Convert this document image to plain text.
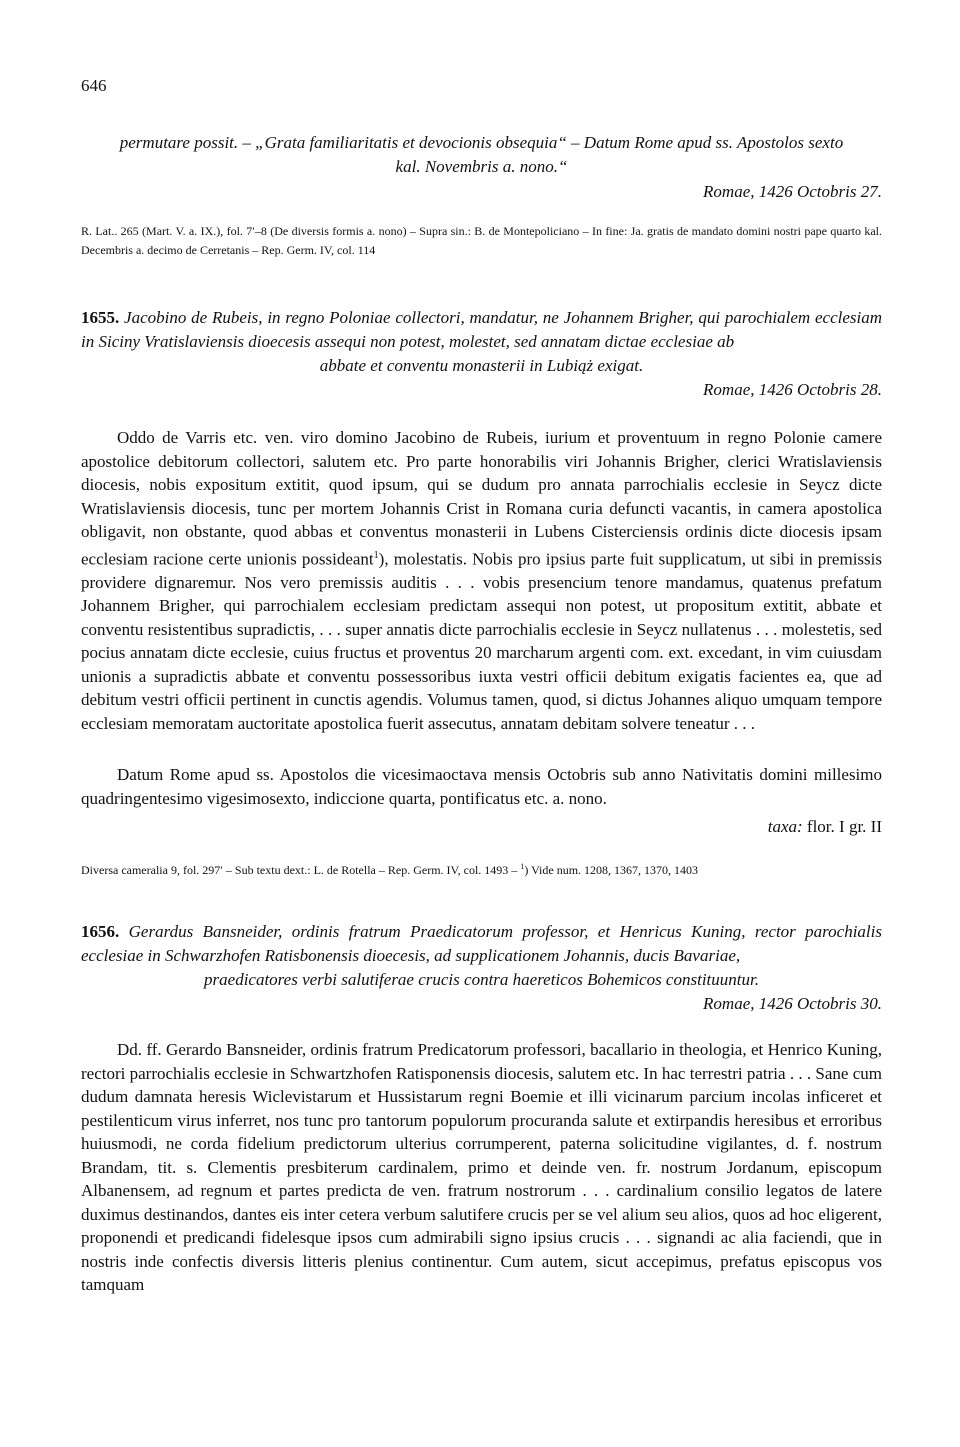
646
permutare possit. – „Grata familiaritatis et devocionis obsequia“ – Datum Rome apud ss. Apostolos sexto
kal. Novembris a. nono.“
Romae, 1426 Octobris 27.
R. Lat.. 265 (Mart. V. a. IX.), fol. 7′–8 (De diversis formis a. nono) – Supra sin.: B. de Montepoliciano – In fine: Ja. gratis de mandato domini nostri pape quarto kal. Decembris a. decimo de Cerretanis – Rep. Germ. IV, col. 114
1655. Jacobino de Rubeis, in regno Poloniae collectori, mandatur, ne Johannem Brigher, qui parochialem ecclesiam in Siciny Vratislaviensis dioecesis assequi non potest, molestet, sed annatam dictae ecclesiae ab
abbate et conventu monasterii in Lubiąż exigat.
Romae, 1426 Octobris 28.
Oddo de Varris etc. ven. viro domino Jacobino de Rubeis, iurium et proventuum in regno Polonie camere apostolice debitorum collectori, salutem etc. Pro parte honorabilis viri Johannis Brigher, clerici Wratislaviensis diocesis, nobis expositum extitit, quod ipsum, qui se dudum pro annata parrochialis ecclesie in Seycz dicte Wratislaviensis diocesis, tunc per mortem Johannis Crist in Romana curia defuncti vacantis, in camera apostolica obligavit, non obstante, quod abbas et conventus monasterii in Lubens Cisterciensis ordinis dicte diocesis ipsam ecclesiam racione certe unionis possideant$^1$), molestatis. Nobis pro ipsius parte fuit supplicatum, ut sibi in premissis providere dignaremur. Nos vero premissis auditis . . . vobis presencium tenore mandamus, quatenus prefatum Johannem Brigher, qui parrochialem ecclesiam predictam assequi non potest, ut propositum extitit, abbate et conventu resistentibus supradictis, . . . super annatis dicte parrochialis ecclesie in Seycz nullatenus . . . molestetis, sed pocius annatam dicte ecclesie, cuius fructus et proventus 20 marcharum argenti com. ext. excedant, in vim cuiusdam unionis a supradictis abbate et conventu possessoribus iuxta vestri officii debitum exigatis facientes ea, que ad debitum vestri officii pertinent in cunctis agendis. Volumus tamen, quod, si dictus Johannes aliquo umquam tempore ecclesiam memoratam auctoritate apostolica fuerit assecutus, annatam debitam solvere teneatur . . .
Datum Rome apud ss. Apostolos die vicesimaoctava mensis Octobris sub anno Nativitatis domini millesimo quadringentesimo vigesimosexto, indiccione quarta, pontificatus etc. a. nono.
taxa: flor. I gr. II
Diversa cameralia 9, fol. 297′ – Sub textu dext.: L. de Rotella – Rep. Germ. IV, col. 1493 – $^1$) Vide num. 1208, 1367, 1370, 1403
1656. Gerardus Bansneider, ordinis fratrum Praedicatorum professor, et Henricus Kuning, rector parochialis ecclesiae in Schwarzhofen Ratisbonensis dioecesis, ad supplicationem Johannis, ducis Bavariae,
praedicatores verbi salutiferae crucis contra haereticos Bohemicos constituuntur.
Romae, 1426 Octobris 30.
Dd. ff. Gerardo Bansneider, ordinis fratrum Predicatorum professori, bacallario in theologia, et Henrico Kuning, rectori parrochialis ecclesie in Schwartzhofen Ratisponensis diocesis, salutem etc. In hac terrestri patria . . . Sane cum dudum damnata heresis Wiclevistarum et Hussistarum regni Boemie et illi vicinarum parcium incolas inficeret et pestilenticum virus inferret, nos tunc pro tantorum populorum procuranda salute et extirpandis heresibus et erroribus huiusmodi, ne corda fidelium predictorum ulterius corrumperent, paterna solicitudine vigilantes, d. f. nostrum Brandam, tit. s. Clementis presbiterum cardinalem, primo et deinde ven. fr. nostrum Jordanum, episcopum Albanensem, ad regnum et partes predicta de ven. fratrum nostrorum . . . cardinalium consilio legatos de latere duximus destinandos, dantes eis inter cetera verbum salutifere crucis per se vel alium seu alios, quos ad hoc eligerent, proponendi et predicandi fidelesque ipsos cum admirabili signo ipsius crucis . . . signandi ac alia faciendi, que in nostris inde confectis diversis litteris plenius continentur. Cum autem, sicut accepimus, prefatus episcopus vos tamquam
